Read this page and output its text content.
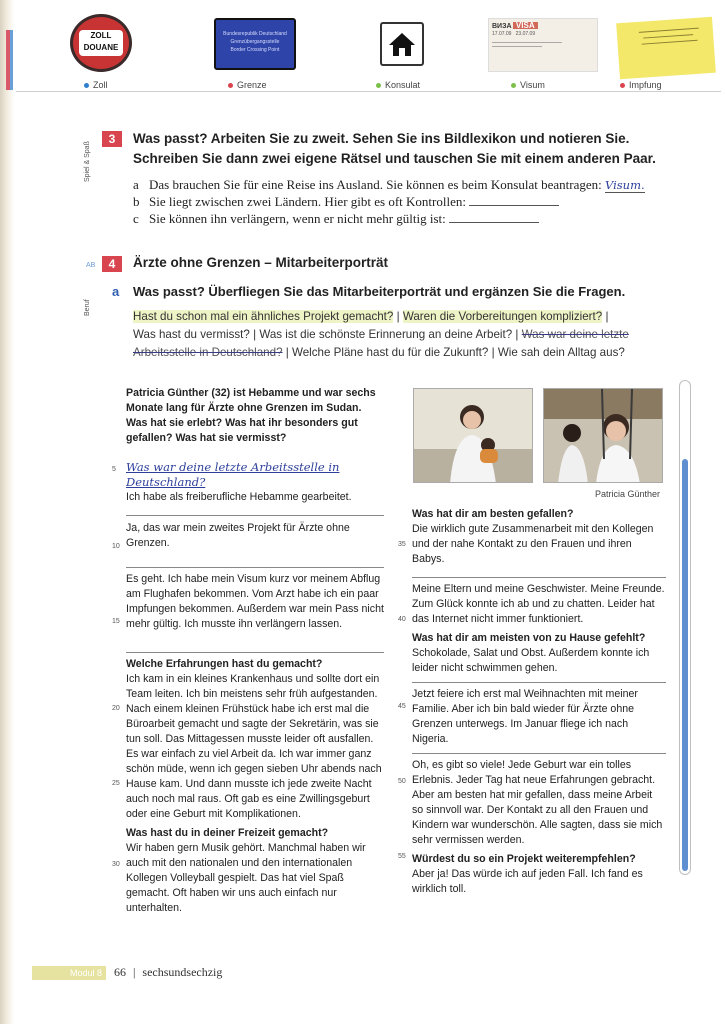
ZOLL
DOUANE
Bundesrepublik Deutschland
Grenzübergangsstelle
Border Crossing Point
ВИЗА VISA
17.07.09 23.07.09
Zoll	Grenze	Konsulat	Visum	Impfung
Spiel & Spaß
3	Was passt? Arbeiten Sie zu zweit. Sehen Sie ins Bildlexikon und notieren Sie.
Schreiben Sie dann zwei eigene Rätsel und tauschen Sie mit einem anderen Paar.
a Das brauchen Sie für eine Reise ins Ausland. Sie können es beim Konsulat beantragen: Visum.
b Sie liegt zwischen zwei Ländern. Hier gibt es oft Kontrollen:
c Sie können ihn verlängern, wenn er nicht mehr gültig ist:
AB	4	Ärzte ohne Grenzen – Mitarbeiterporträt
Beruf
a Was passt? Überfliegen Sie das Mitarbeiterporträt und ergänzen Sie die Fragen.
Hast du schon mal ein ähnliches Projekt gemacht? | Waren die Vorbereitungen kompliziert? |
Was hast du vermisst? | Was ist die schönste Erinnerung an deine Arbeit? | Was war deine letzte
Arbeitsstelle in Deutschland? | Welche Pläne hast du für die Zukunft? | Wie sah dein Alltag aus?

Patricia Günther (32) ist Hebamme und war sechs Monate lang für Ärzte ohne Grenzen im Sudan. Was hat sie erlebt? Was hat ihr besonders gut gefallen? Was hat sie vermisst?

Was war deine letzte Arbeitsstelle in Deutschland?

Ich habe als freiberufliche Hebamme gearbeitet.

Ja, das war mein zweites Projekt für Ärzte ohne Grenzen.

Es geht. Ich habe mein Visum kurz vor meinem Abflug am Flughafen bekommen. Vom Arzt habe ich ein paar Impfungen bekommen. Außerdem war mein Pass nicht mehr gültig. Ich musste ihn verlängern lassen.

Welche Erfahrungen hast du gemacht?

Ich kam in ein kleines Krankenhaus und sollte dort ein Team leiten. Ich bin meistens sehr früh aufgestanden. Nach einem kleinen Frühstück habe ich erst mal die Büroarbeit gemacht und sagte der Sekretärin, was sie tun soll. Das Mittagessen musste leider oft ausfallen. Es war einfach zu viel Arbeit da. Ich war immer ganz schön müde, wenn ich gegen sieben Uhr abends nach Hause kam. Und dann musste ich jede zweite Nacht auch noch mal raus. Oft gab es eine Zwillingsgeburt oder eine Geburt mit Komplikationen.

Was hast du in deiner Freizeit gemacht?

Wir haben gern Musik gehört. Manchmal haben wir auch mit den nationalen und den internationalen Kollegen Volleyball gespielt. Das hat viel Spaß gemacht. Oft haben wir uns auch einfach nur unterhalten.

5
10
15
20
25
30
Patricia Günther

Was hat dir am besten gefallen?

Die wirklich gute Zusammenarbeit mit den Kollegen und der nahe Kontakt zu den Frauen und ihren Babys.

Meine Eltern und meine Geschwister. Meine Freunde. Zum Glück konnte ich ab und zu chatten. Leider hat das Internet nicht immer funktioniert.

Was hat dir am meisten von zu Hause gefehlt?

Schokolade, Salat und Obst. Außerdem konnte ich leider nicht schwimmen gehen.

Jetzt feiere ich erst mal Weihnachten mit meiner Familie. Aber ich bin bald wieder für Ärzte ohne Grenzen unterwegs. Im Januar fliege ich nach Nigeria.

Oh, es gibt so viele! Jede Geburt war ein tolles Erlebnis. Jeder Tag hat neue Erfahrungen gebracht. Aber am besten hat mir gefallen, dass meine Arbeit so sinnvoll war. Der Kontakt zu all den Frauen und Kindern war wunderschön. Alle sagten, dass sie mich sehr vermissen werden.

Würdest du so ein Projekt weiterempfehlen?

Aber ja! Das würde ich auf jeden Fall. Ich fand es wirklich toll.

35
40
45
50
55
Modul 8	66 | sechsundsechzig
